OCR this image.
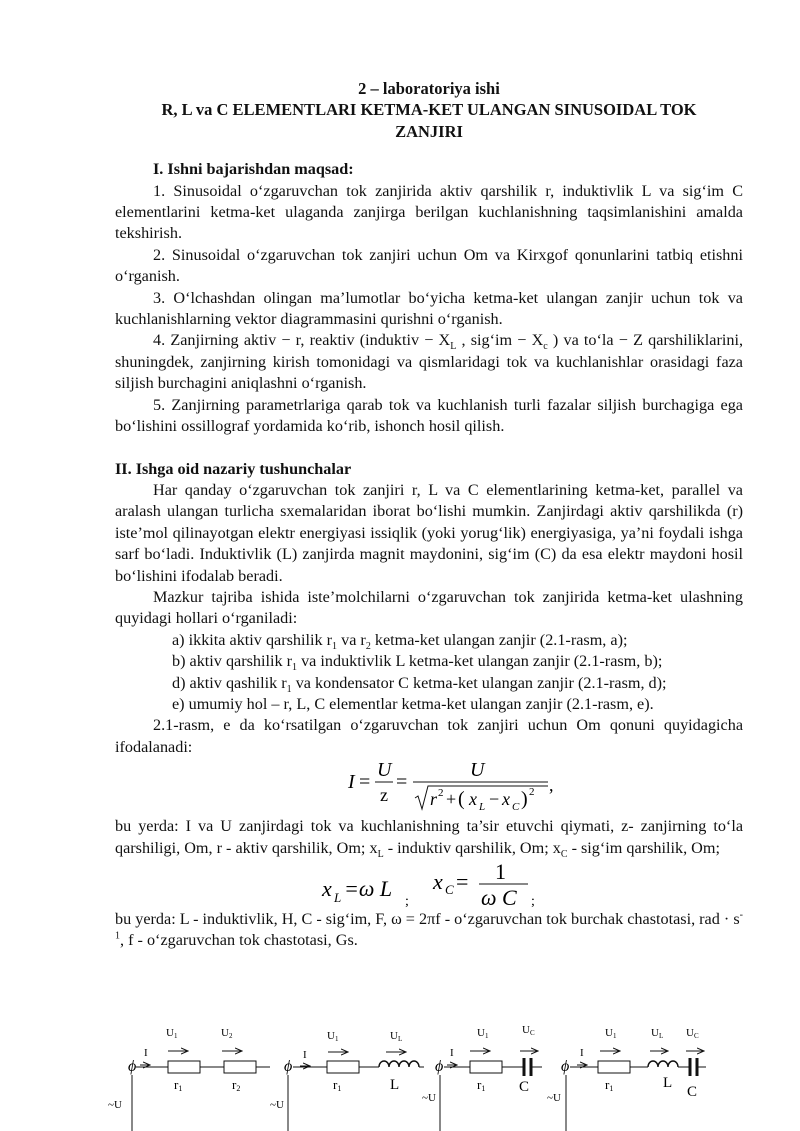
2 – laboratoriya ishi
R, L va C ELEMENTLARI KETMA-KET ULANGAN SINUSOIDAL TOK
ZANJIRI
I. Ishni bajarishdan maqsad:

1. Sinusoidal o‘zgaruvchan tok zanjirida aktiv qarshilik r, induktivlik L va sig‘im C elementlarini ketma-ket ulaganda zanjirga berilgan kuchlanishning taqsimlanishini amalda tekshirish.

2. Sinusoidal o‘zgaruvchan tok zanjiri uchun Om va Kirxgof qonunlarini tatbiq etishni o‘rganish.

3. O‘lchashdan olingan ma’lumotlar bo‘yicha ketma-ket ulangan zanjir uchun tok va kuchlanishlarning vektor diagrammasini qurishni o‘rganish.

4. Zanjirning aktiv − r, reaktiv (induktiv − $X_L$ , sig‘im − $X_c$ ) va to‘la − Z qarshiliklarini, shuningdek, zanjirning kirish tomonidagi va qismlaridagi tok va kuchlanishlar orasidagi faza siljish burchagini aniqlashni o‘rganish.

5. Zanjirning parametrlariga qarab tok va kuchlanish turli fazalar siljish burchagiga ega bo‘lishini ossillograf yordamida ko‘rib, ishonch hosil qilish.

II. Ishga oid nazariy tushunchalar

Har qanday o‘zgaruvchan tok zanjiri r, L va C elementlarining ketma-ket, parallel va aralash ulangan turlicha sxemalaridan iborat bo‘lishi mumkin. Zanjirdagi aktiv qarshilikda (r) iste’mol qilinayotgan elektr energiyasi issiqlik (yoki yorug‘lik) energiyasiga, ya’ni foydali ishga sarf bo‘ladi. Induktivlik (L) zanjirda magnit maydonini, sig‘im (C) da esa elektr maydoni hosil bo‘lishini ifodalab beradi.

Mazkur tajriba ishida iste’molchilarni o‘zgaruvchan tok zanjirida ketma-ket ulashning quyidagi hollari o‘rganiladi:

a) ikkita aktiv qarshilik $r_1$ va $r_2$ ketma-ket ulangan zanjir (2.1-rasm, a);

b) aktiv qarshilik $r_1$ va induktivlik L ketma-ket ulangan zanjir (2.1-rasm, b);

d) aktiv qashilik $r_1$ va kondensator C ketma-ket ulangan zanjir (2.1-rasm, d);

e) umumiy hol – r, L, C elementlar ketma-ket ulangan zanjir (2.1-rasm, e).

2.1-rasm, e da ko‘rsatilgan o‘zgaruvchan tok zanjiri uchun Om qonuni quyidagicha ifodalanadi:

I =
U
z
=
U
r 2 + ( x L − x C ) 2 ,

bu yerda: I va U zanjirdagi tok va kuchlanishning ta’sir etuvchi qiymati, z- zanjirning to‘la qarshiligi, Om, r - aktiv qarshilik, Om; $x_L$ - induktiv qarshilik, Om; $x_C$ - sig‘im qarshilik, Om;

x L =ω L
;
x C = 1
ω C ;

bu yerda: L - induktivlik, H, C - sig‘im, F, ω = 2πf - o‘zgaruvchan tok burchak chastotasi, rad · $s^{-1}$, f - o‘zgaruvchan tok chastotasi, Gs.

U1	U2
I
ϕ
r1	r2
~U
U1	UL
I
ϕ
r1	L
~U
U1	UC
I
ϕ
r1 C
~U
U1	UL UC
I
ϕ
r1	L
C
~U
